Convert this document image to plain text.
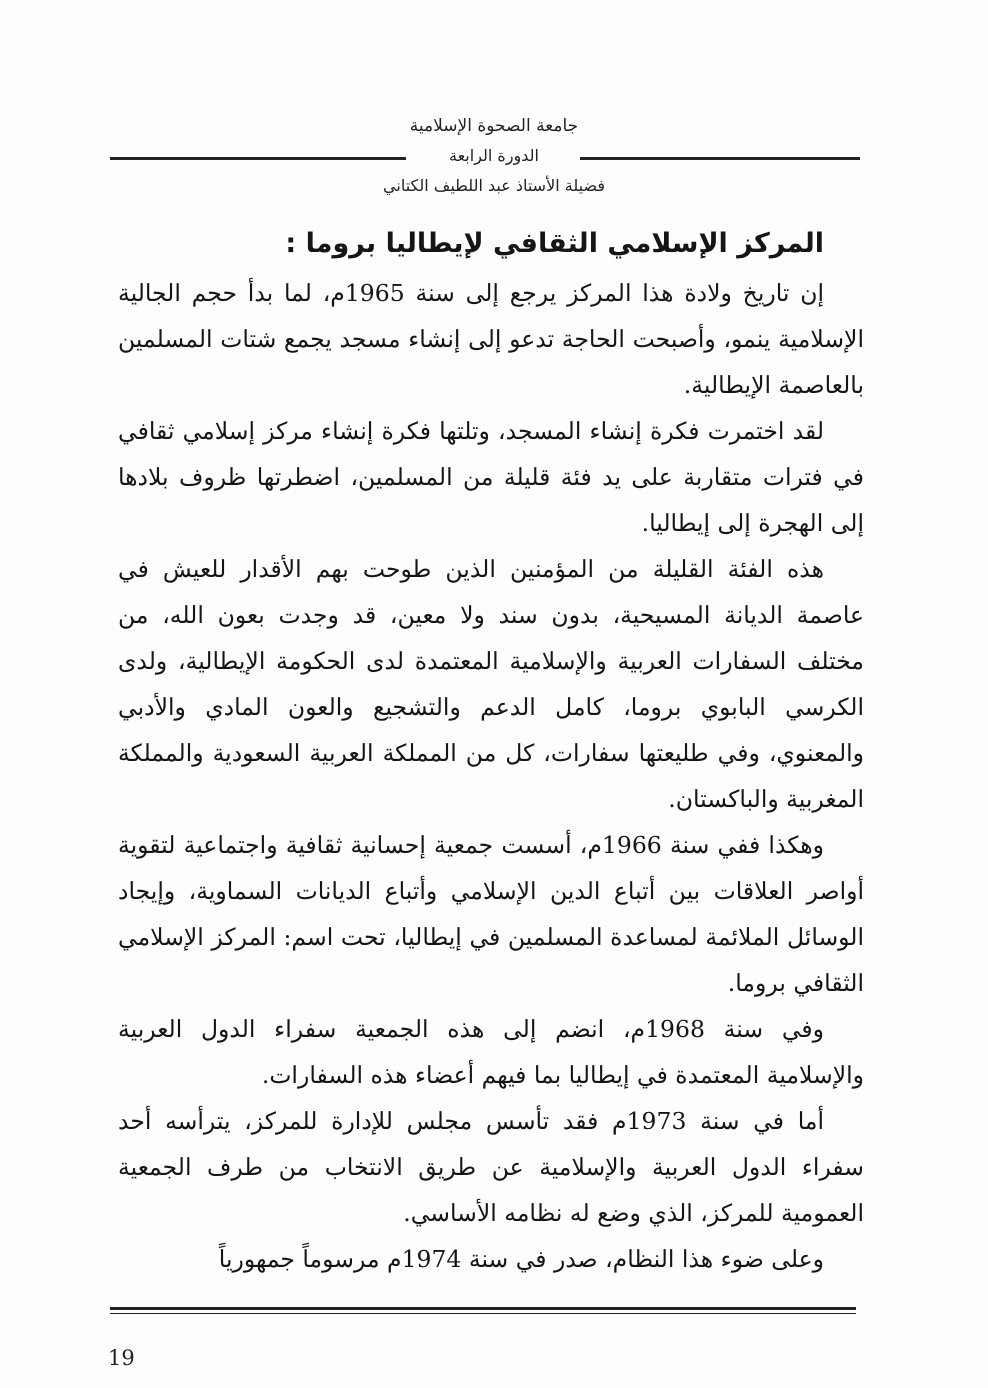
جامعة الصحوة الإسلامية
الدورة الرابعة
فضيلة الأستاذ عبد اللطيف الكتاني
المركز الإسلامي الثقافي لإيطاليا بروما :

إن تاريخ ولادة هذا المركز يرجع إلى سنة 1965م، لما بدأ حجم الجالية الإسلامية ينمو، وأصبحت الحاجة تدعو إلى إنشاء مسجد يجمع شتات المسلمين بالعاصمة الإيطالية.

لقد اختمرت فكرة إنشاء المسجد، وتلتها فكرة إنشاء مركز إسلامي ثقافي في فترات متقاربة على يد فئة قليلة من المسلمين، اضطرتها ظروف بلادها إلى الهجرة إلى إيطاليا.

هذه الفئة القليلة من المؤمنين الذين طوحت بهم الأقدار للعيش في عاصمة الديانة المسيحية، بدون سند ولا معين، قد وجدت بعون الله، من مختلف السفارات العربية والإسلامية المعتمدة لدى الحكومة الإيطالية، ولدى الكرسي البابوي بروما، كامل الدعم والتشجيع والعون المادي والأدبي والمعنوي، وفي طليعتها سفارات، كل من المملكة العربية السعودية والمملكة المغربية والباكستان.

وهكذا ففي سنة 1966م، أسست جمعية إحسانية ثقافية واجتماعية لتقوية أواصر العلاقات بين أتباع الدين الإسلامي وأتباع الديانات السماوية، وإيجاد الوسائل الملائمة لمساعدة المسلمين في إيطاليا، تحت اسم: المركز الإسلامي الثقافي بروما.

وفي سنة 1968م، انضم إلى هذه الجمعية سفراء الدول العربية والإسلامية المعتمدة في إيطاليا بما فيهم أعضاء هذه السفارات.

أما في سنة 1973م فقد تأسس مجلس للإدارة للمركز، يترأسه أحد سفراء الدول العربية والإسلامية عن طريق الانتخاب من طرف الجمعية العمومية للمركز، الذي وضع له نظامه الأساسي.

وعلى ضوء هذا النظام، صدر في سنة 1974م مرسوماً جمهورياً

19
